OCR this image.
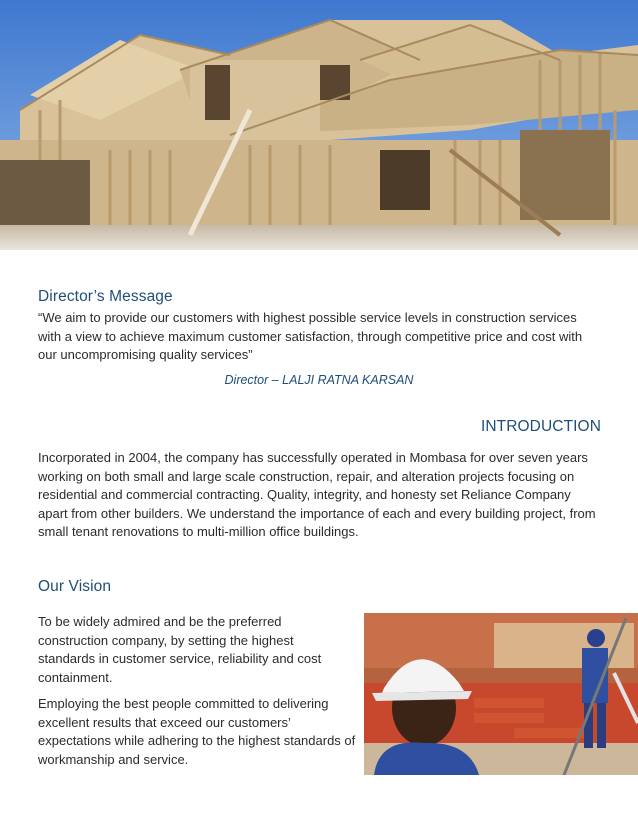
Director’s Message
“We aim to provide our customers with highest possible service levels in construction services with a view to achieve maximum customer satisfaction, through competitive price and cost with our uncompromising quality services”
Director – LALJI RATNA KARSAN
INTRODUCTION
Incorporated in 2004, the company has successfully operated in Mombasa for over seven years working on both small and large scale construction, repair, and alteration projects focusing on residential and commercial contracting. Quality, integrity, and honesty set Reliance Company apart from other builders. We understand the importance of each and every building project, from small tenant renovations to multi-million office buildings.
Our Vision
To be widely admired and be the preferred construction company, by setting the highest standards in customer service, reliability and cost containment.
Employing the best people committed to delivering excellent results that exceed our customers’ expectations while adhering to the highest standards of workmanship and service.
